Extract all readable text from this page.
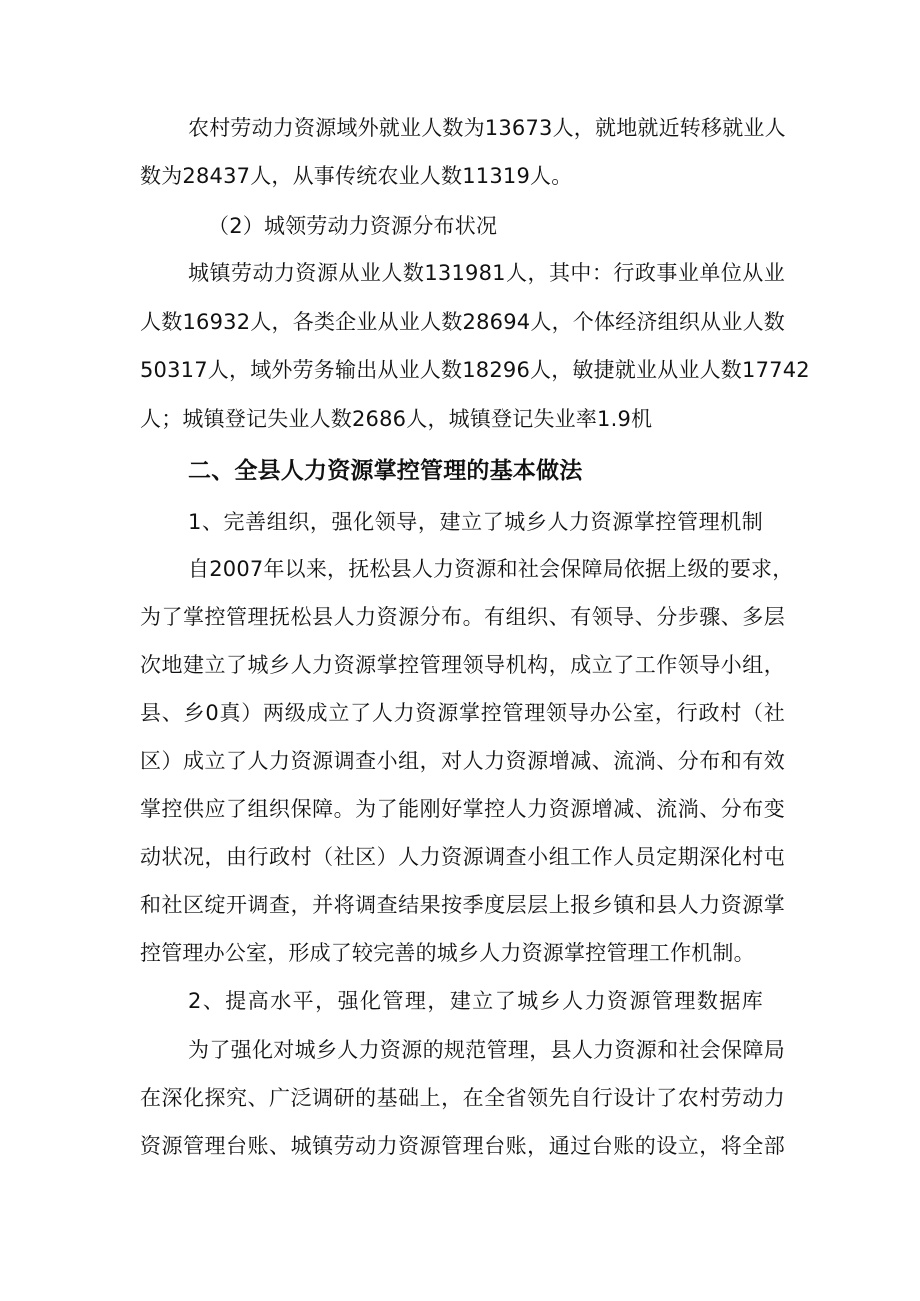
农村劳动力资源域外就业人数为13673人，就地就近转移就业人
数为28437人，从事传统农业人数11319人。
（2）城领劳动力资源分布状况
城镇劳动力资源从业人数131981人，其中：行政事业单位从业
人数16932人，各类企业从业人数28694人，个体经济组织从业人数
50317人，域外劳务输出从业人数18296人，敏捷就业从业人数17742
人；城镇登记失业人数2686人，城镇登记失业率1.9机
二、全县人力资源掌控管理的基本做法
1、完善组织，强化领导，建立了城乡人力资源掌控管理机制
自2007年以来，抚松县人力资源和社会保障局依据上级的要求，
为了掌控管理抚松县人力资源分布。有组织、有领导、分步骤、多层
次地建立了城乡人力资源掌控管理领导机构，成立了工作领导小组，
县、乡0真）两级成立了人力资源掌控管理领导办公室，行政村（社
区）成立了人力资源调查小组，对人力资源增减、流淌、分布和有效
掌控供应了组织保障。为了能刚好掌控人力资源增减、流淌、分布变
动状况，由行政村（社区）人力资源调查小组工作人员定期深化村屯
和社区绽开调查，并将调查结果按季度层层上报乡镇和县人力资源掌
控管理办公室，形成了较完善的城乡人力资源掌控管理工作机制。
2、提高水平，强化管理，建立了城乡人力资源管理数据库
为了强化对城乡人力资源的规范管理，县人力资源和社会保障局
在深化探究、广泛调研的基础上，在全省领先自行设计了农村劳动力
资源管理台账、城镇劳动力资源管理台账，通过台账的设立，将全部
